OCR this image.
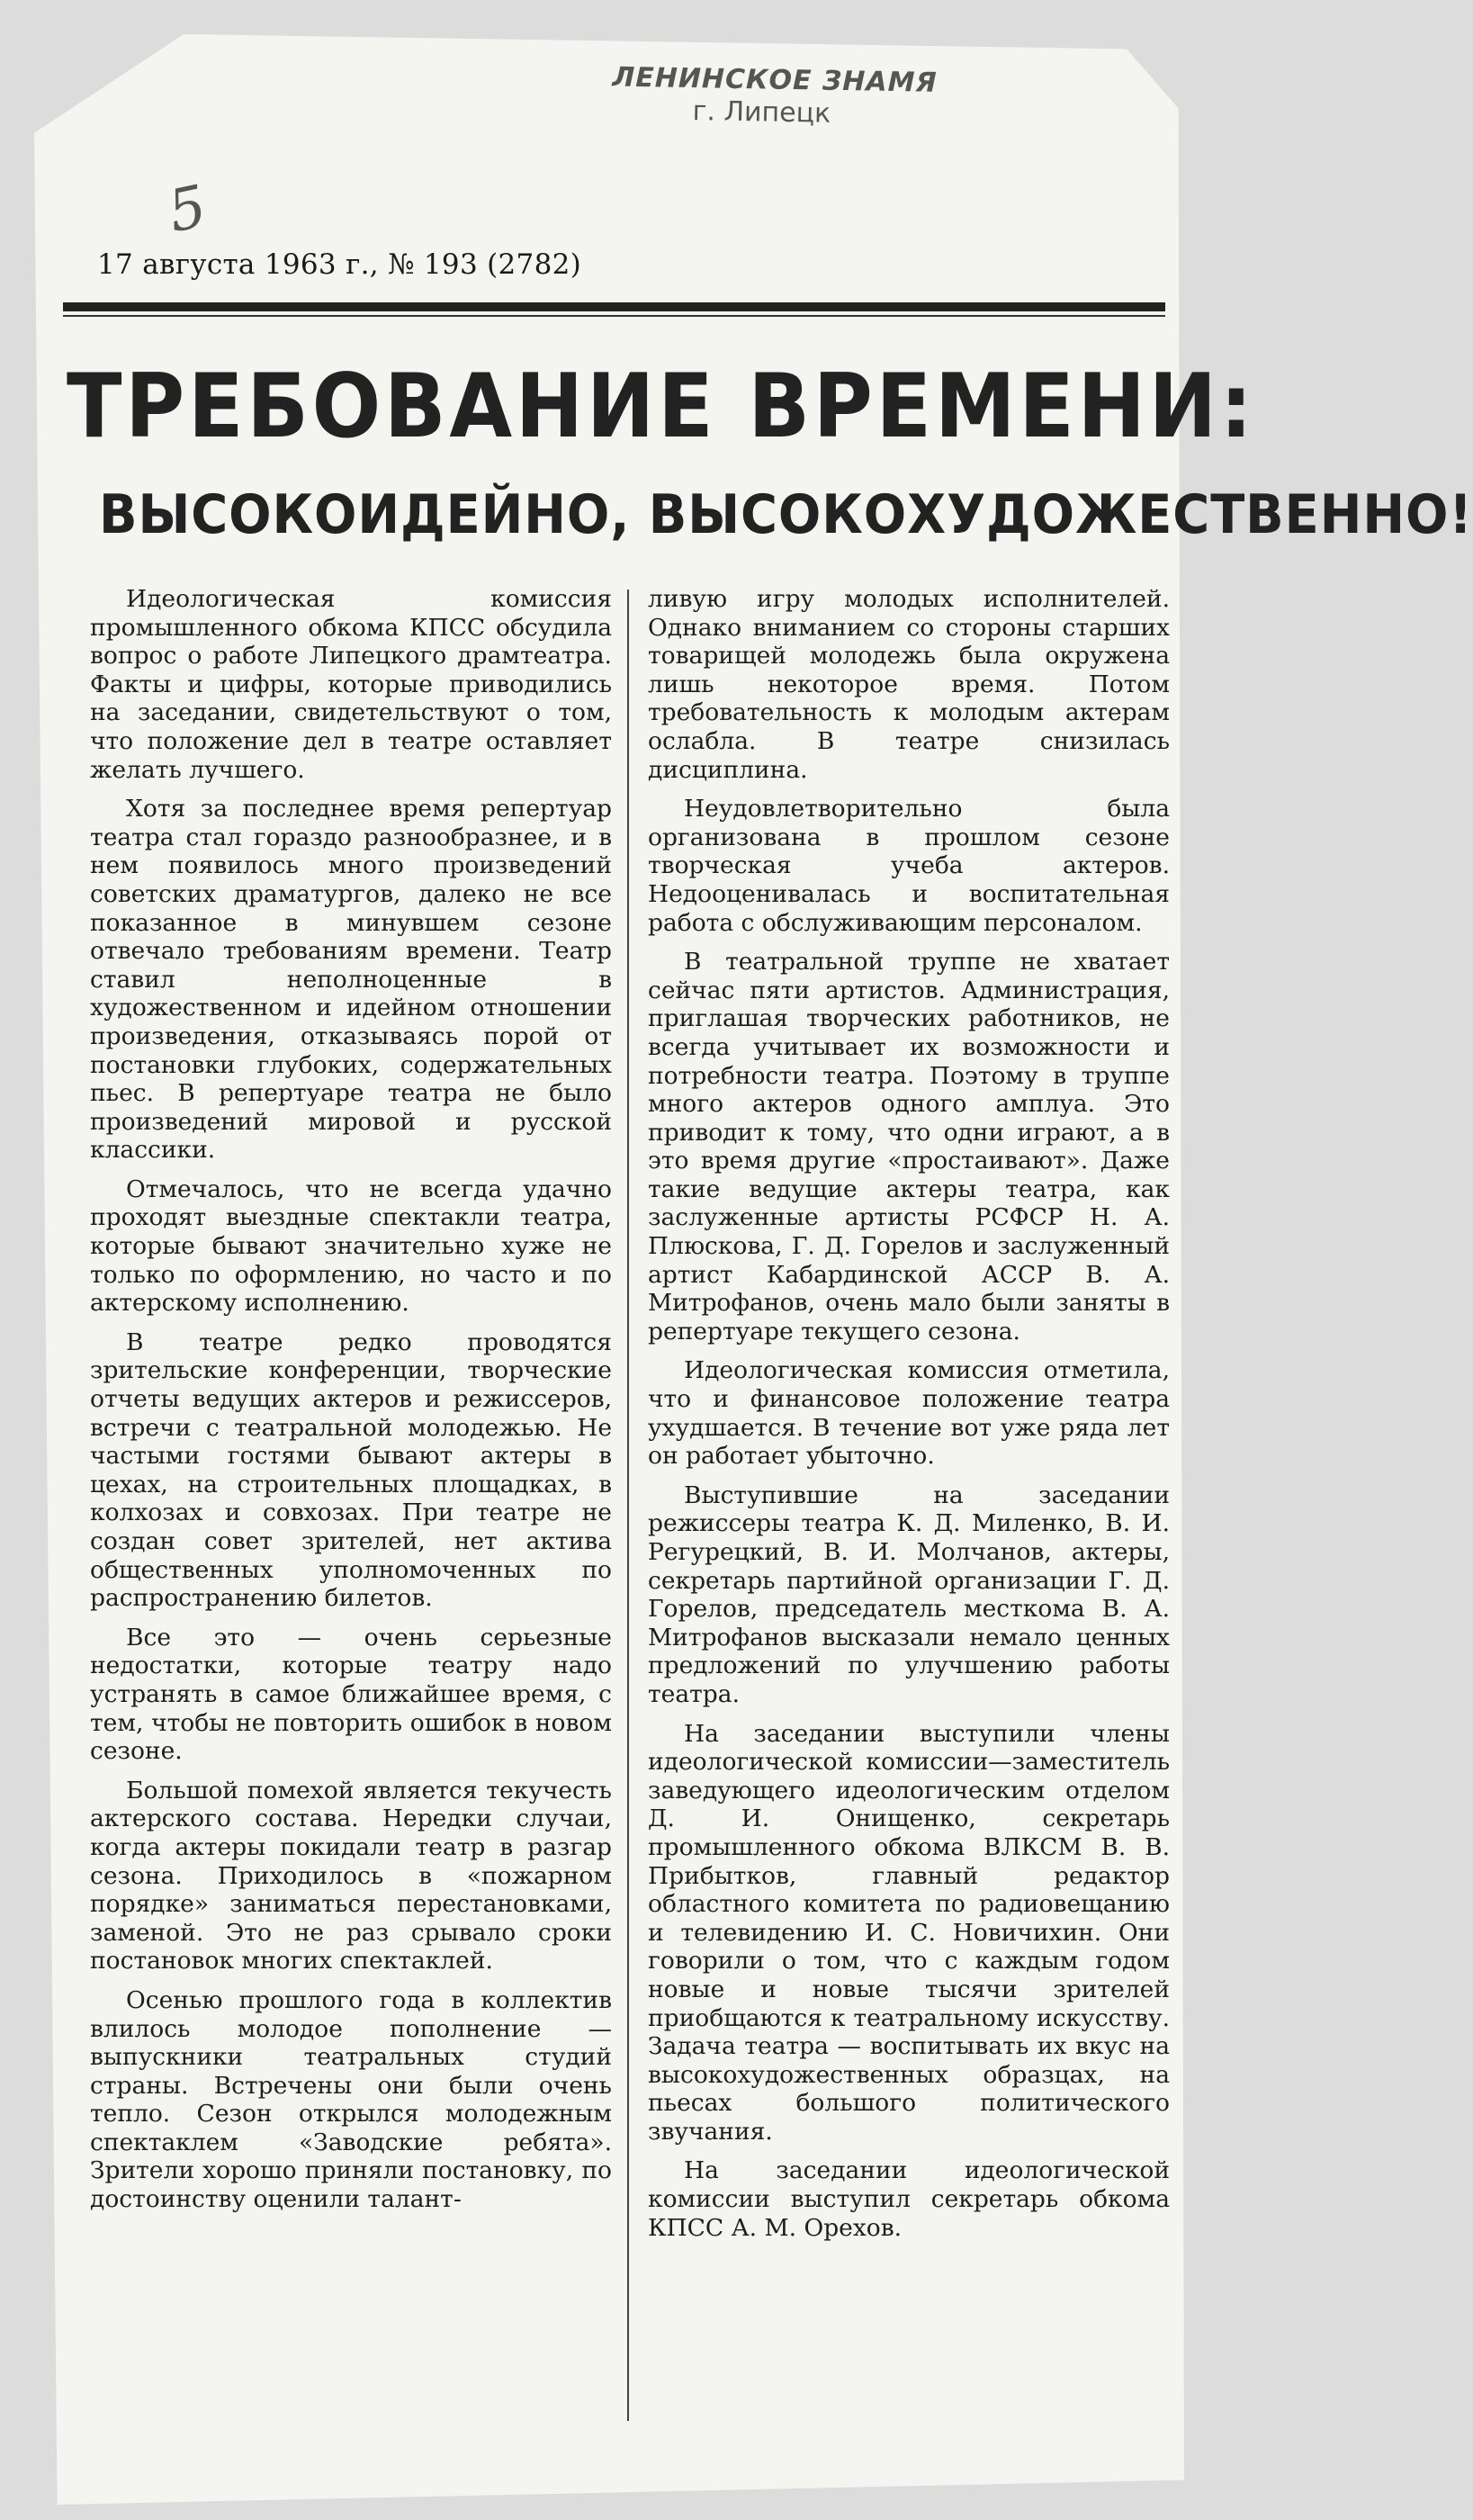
ЛЕНИНСКОЕ ЗНАМЯ
г. Липецк
5
17 августа 1963 г., № 193 (2782)
ТРЕБОВАНИЕ ВРЕМЕНИ:
ВЫСОКОИДЕЙНО, ВЫСОКОХУДОЖЕСТВЕННО!

Идеологическая комиссия промышленного обкома КПСС обсудила вопрос о работе Липецкого драмтеатра. Факты и цифры, которые приводились на заседании, свидетельствуют о том, что положение дел в театре оставляет желать лучшего.

Хотя за последнее время репертуар театра стал гораздо разнообразнее, и в нем появилось много произведений советских драматургов, далеко не все показанное в минувшем сезоне отвечало требованиям времени. Театр ставил неполноценные в художественном и идейном отношении произведения, отказываясь порой от постановки глубоких, содержательных пьес. В репертуаре театра не было произведений мировой и русской классики.

Отмечалось, что не всегда удачно проходят выездные спектакли театра, которые бывают значительно хуже не только по оформлению, но часто и по актерскому исполнению.

В театре редко проводятся зрительские конференции, творческие отчеты ведущих актеров и режиссеров, встречи с театральной молодежью. Не частыми гостями бывают актеры в цехах, на строительных площадках, в колхозах и совхозах. При театре не создан совет зрителей, нет актива общественных уполномоченных по распространению билетов.

Все это — очень серьезные недостатки, которые театру надо устранять в самое ближайшее время, с тем, чтобы не повторить ошибок в новом сезоне.

Большой помехой является текучесть актерского состава. Нередки случаи, когда актеры покидали театр в разгар сезона. Приходилось в «пожарном порядке» заниматься перестановками, заменой. Это не раз срывало сроки постановок многих спектаклей.

Осенью прошлого года в коллектив влилось молодое пополнение — выпускники театральных студий страны. Встречены они были очень тепло. Сезон открылся молодежным спектаклем «Заводские ребята». Зрители хорошо приняли постановку, по достоинству оценили талант-

ливую игру молодых исполнителей. Однако вниманием со стороны старших товарищей молодежь была окружена лишь некоторое время. Потом требовательность к молодым актерам ослабла. В театре снизилась дисциплина.

Неудовлетворительно была организована в прошлом сезоне творческая учеба актеров. Недооценивалась и воспитательная работа с обслуживающим персоналом.

В театральной труппе не хватает сейчас пяти артистов. Администрация, приглашая творческих работников, не всегда учитывает их возможности и потребности театра. Поэтому в труппе много актеров одного амплуа. Это приводит к тому, что одни играют, а в это время другие «простаивают». Даже такие ведущие актеры театра, как заслуженные артисты РСФСР Н. А. Плюскова, Г. Д. Горелов и заслуженный артист Кабардинской АССР В. А. Митрофанов, очень мало были заняты в репертуаре текущего сезона.

Идеологическая комиссия отметила, что и финансовое положение театра ухудшается. В течение вот уже ряда лет он работает убыточно.

Выступившие на заседании режиссеры театра К. Д. Миленко, В. И. Регурецкий, В. И. Молчанов, актеры, секретарь партийной организации Г. Д. Горелов, председатель месткома В. А. Митрофанов высказали немало ценных предложений по улучшению работы театра.

На заседании выступили члены идеологической комиссии—заместитель заведующего идеологическим отделом Д. И. Онищенко, секретарь промышленного обкома ВЛКСМ В. В. Прибытков, главный редактор областного комитета по радиовещанию и телевидению И. С. Новичихин. Они говорили о том, что с каждым годом новые и новые тысячи зрителей приобщаются к театральному искусству. Задача театра — воспитывать их вкус на высокохудожественных образцах, на пьесах большого политического звучания.

На заседании идеологической комиссии выступил секретарь обкома КПСС А. М. Орехов.
